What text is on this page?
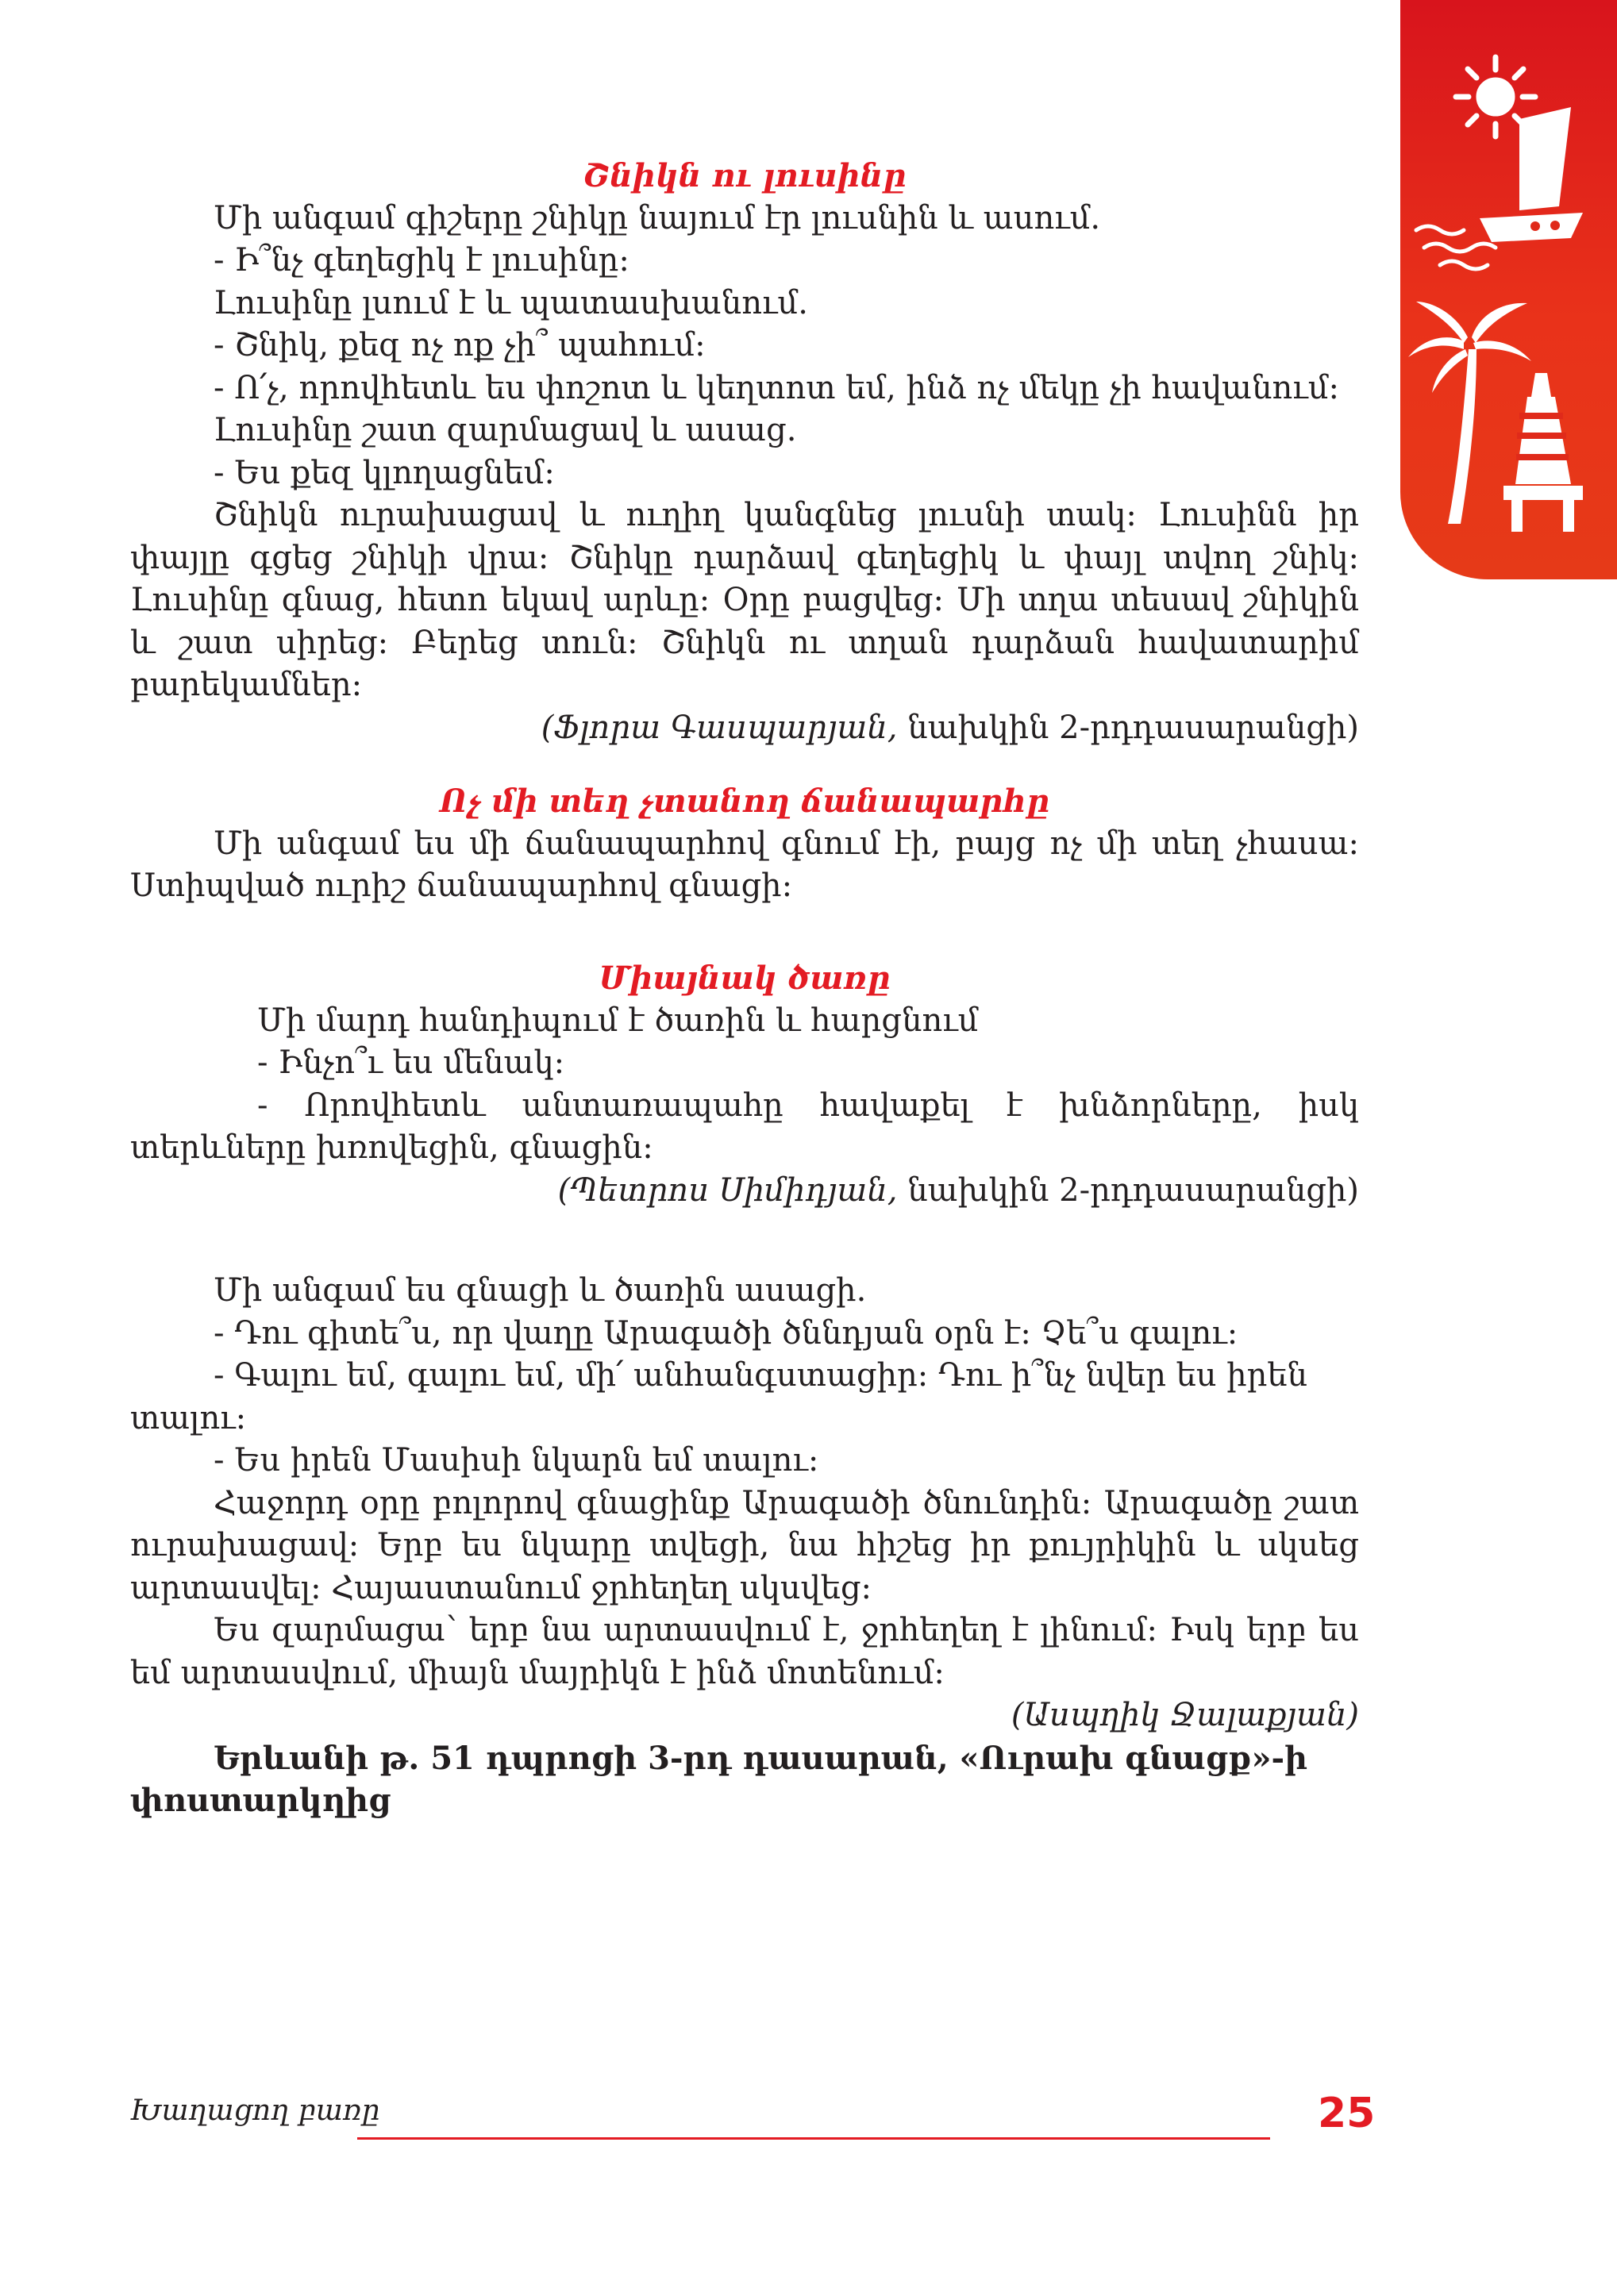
Շնիկն ու լուսինը

Մի անգամ գիշերը շնիկը նայում էր լուսնին և ասում.

- Ի՞նչ գեղեցիկ է լուսինը:

Լուսինը լսում է և պատասխանում.

- Շնիկ, քեզ ոչ ոք չի՞ պահում:

- Ո՛չ, որովհետև ես փոշոտ և կեղտոտ եմ, ինձ ոչ մեկը չի հավանում:

Լուսինը շատ զարմացավ և ասաց.

- Ես քեզ կլողացնեմ:

Շնիկն ուրախացավ և ուղիղ կանգնեց լուսնի տակ: Լուսինն իր փայլը գցեց շնիկի վրա: Շնիկը դարձավ գեղեցիկ և փայլ տվող շնիկ: Լուսինը գնաց, հետո եկավ արևը: Օրը բացվեց: Մի տղա տեսավ շնիկին և շատ սիրեց: Բերեց տուն: Շնիկն ու տղան դարձան հավատարիմ բարեկամներ:

(Ֆլորա Գասպարյան, նախկին 2-րդդասարանցի)

Ոչ մի տեղ չտանող ճանապարհը

Մի անգամ ես մի ճանապարհով գնում էի, բայց ոչ մի տեղ չհասա: Ստիպված ուրիշ ճանապարհով գնացի:

Միայնակ ծառը

Մի մարդ հանդիպում է ծառին և հարցնում

- Ինչո՞ւ ես մենակ:

- Որովհետև անտառապահը հավաքել է խնձորները, իսկ տերևները խռովեցին, գնացին:

(Պետրոս Սիմիդյան, նախկին 2-րդդասարանցի)

Մի անգամ ես գնացի և ծառին ասացի.

- Դու գիտե՞ս, որ վաղը Արագածի ծննդյան օրն է: Չե՞ս գալու:

- Գալու եմ, գալու եմ, մի՛ անհանգստացիր: Դու ի՞նչ նվեր ես իրեն տալու:

- Ես իրեն Մասիսի նկարն եմ տալու:

Հաջորդ օրը բոլորով գնացինք Արագածի ծնունդին: Արագածը շատ ուրախացավ: Երբ ես նկարը տվեցի, նա հիշեց իր քույրիկին և սկսեց արտասվել: Հայաստանում ջրհեղեղ սկսվեց:

Ես զարմացա՝ երբ նա արտասվում է, ջրհեղեղ է լինում: Իսկ երբ ես եմ արտասվում, միայն մայրիկն է ինձ մոտենում:

(Ասպղիկ Ջալաքյան)

Երևանի թ. 51 դպրոցի 3-րդ դասարան, «Ուրախ գնացք»-ի փոստարկղից

Խաղացող բառը	25
